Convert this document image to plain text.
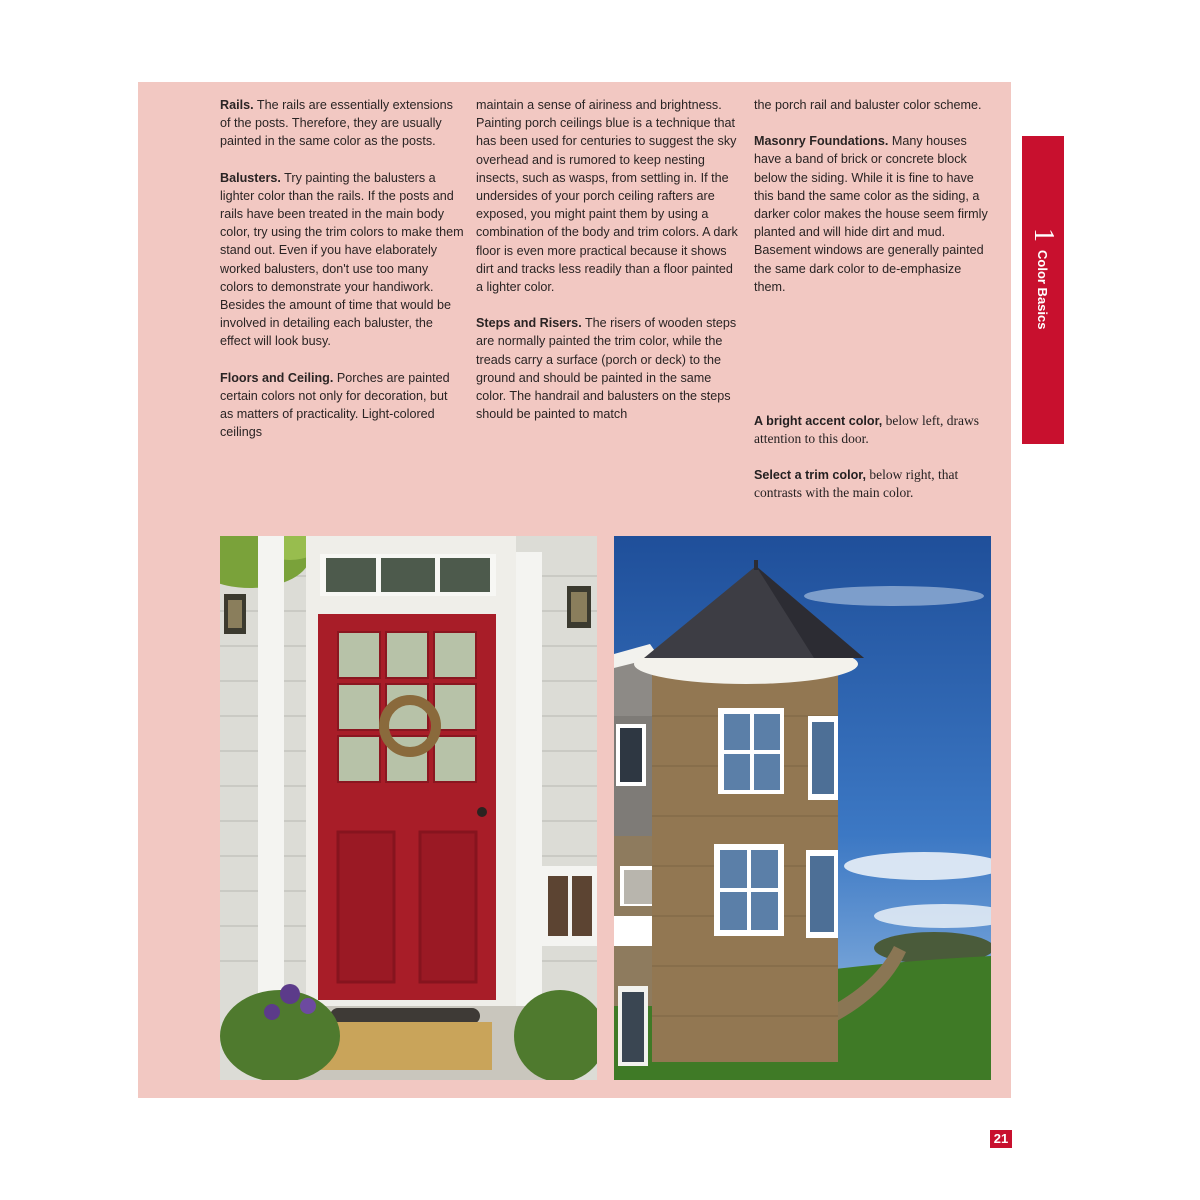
Rails. The rails are essentially extensions of the posts. Therefore, they are usually painted in the same color as the posts.

Balusters. Try painting the balusters a lighter color than the rails. If the posts and rails have been treated in the main body color, try using the trim colors to make them stand out. Even if you have elaborately worked balusters, don't use too many colors to demonstrate your handiwork. Besides the amount of time that would be involved in detailing each baluster, the effect will look busy.

Floors and Ceiling. Porches are painted certain colors not only for decoration, but as matters of practicality. Light-colored ceilings

maintain a sense of airiness and brightness. Painting porch ceilings blue is a technique that has been used for centuries to suggest the sky overhead and is rumored to keep nesting insects, such as wasps, from settling in. If the undersides of your porch ceiling rafters are exposed, you might paint them by using a combination of the body and trim colors. A dark floor is even more practical because it shows dirt and tracks less readily than a floor painted a lighter color.

Steps and Risers. The risers of wooden steps are normally painted the trim color, while the treads carry a surface (porch or deck) to the ground and should be painted in the same color. The handrail and balusters on the steps should be painted to match

the porch rail and baluster color scheme.

Masonry Foundations. Many houses have a band of brick or concrete block below the siding. While it is fine to have this band the same color as the siding, a darker color makes the house seem firmly planted and will hide dirt and mud. Basement windows are generally painted the same dark color to de-emphasize them.

A bright accent color, below left, draws attention to this door.

Select a trim color, below right, that contrasts with the main color.

1
Color Basics
21
